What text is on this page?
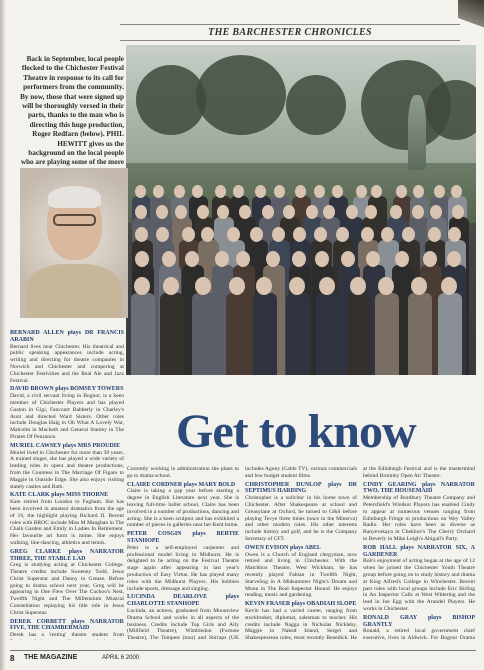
THE BARCHESTER CHRONICLES
Back in September, local people flocked to the Chichester Festival Theatre in response to its call for performers from the community. By now, those that were signed up will be thoroughly versed in their parts, thanks to the man who is directing this huge production, Roger Redfarn (below). PHIL HEWITT gives us the background on the local people who are playing some of the more
Get to know

BERNARD ALLEN plays DR FRANCIS ARABIN
Bernard lives near Chichester. His theatrical and public speaking appearances include acting, writing and directing for theatre companies in Norwich and Chichester and compering at Chichester Festivities and the Real Ale and Jazz Festival.

DAVID BROWN plays BOMSEY TOWERS
David, a civil servant living in Bognor, is a keen member of Chichester Players and has played Gaston in Gigi, Fancourt Babberly in Charley's Aunt and directed Ward Sisters. Other roles include Douglas Haig in Oh What A Lovely War, Malcolm in Macbeth and General Stanley in The Pirates Of Penzance.

MURIEL CAWSEY plays MRS PROUDIE
Muriel lived in Chichester for more than 30 years. A trained singer, she has played a wide variety of leading roles in opera and theatre productions, from the Countess in The Marriage Of Figaro to Maggie in Outside Edge. She also enjoys visiting stately castles and Bath.

KATE CLARK plays MISS THORNE
Kate retired from London to Fugham. She has been involved in amateur dramatics from the age of 16, the highlight playing Richard II. Recent roles with BROC include Miss M Maughan in The Chalk Garden and Emily in Ladies In Retirement. Her favourite art form is mime. She enjoys walking, line-dancing, athletics and tennis.

GREG CLARKE plays NARRATOR THREE, THE STABLE LAD
Greg is studying acting at Chichester College. Theatre credits include Sweeney Todd, Jesus Christ Superstar and Danny in Grease. Before going to drama school next year, Greg will be appearing in One Flew Over The Cuckoo's Nest, Twelfth Night and The Millennium Musical Constellation replaying his title role in Jesus Christ Superstar.

DEREK CORBETT plays NARRATOR FIVE, THE CHAMBERMAID
Derek has a 'resting' theatre student from

Currently working in administration she plans to go to drama school.

CLAIRE CORDNER plays MARY BOLD
Claire is taking a gap year before starting a degree in English Literature next year. She is leaving full-time ballet school, Claire has been involved in a number of productions, dancing and acting. She is a keen sculptor and has exhibited a number of pieces in galleries near her Kent home.

PETER COSGIN plays BERTIE STANHOPE
Peter is a self-employed carpenter and professional model living in Midhurst. He is delighted to be acting on the Festival Theatre stage again after appearing in last year's production of Easy Virtue. He has played many roles with the Midhurst Players. His hobbies include sports, dressage and singing.

LUCINDA DEARLOVE plays CHARLOTTE STANHOPE
Lucinda, an actress, graduated from Mountview Drama School and works in all aspects of the business. Credits include Top Girls and Ally (Millfield Theatre), Wimbledon (Fortune Theatre), The Tempest (tour) and Stirrups (UK

includes Agony (Cable TV), various commercials and low budget student films.

CHRISTOPHER DUNLOP plays DR SEPTIMUS HARDING
Christopher is a solicitor in his home town of Chichester. After Shakespeare at school and Greasylane at Oxford, he turned to G&S before playing Tevye three times (once in the Minerva) and other modern roles. His other interests include history and golf, and he is the Company Secretary of CFT.

OWEN EVISON plays ABEL
Owen is a Church of England clergyman, now retired and living in Chichester. With the Matchbox Theatre, West Wickham, he has recently played Fabian in Twelfth Night, Starveling in A Midsummer Night's Dream and Moon in The Real Inspector Hound. He enjoys reading, music and gardening.

KEVIN FRASER plays OBADIAH SLOPE
Kevin has had a varied career, ranging from stockbroker, diplomat, salesman to teacher. His credits include Nagga in Nicholas Nickleby, Maggie in Naked Island, Sergei and Shakespearean roles, most recently Benedick. He

at the Edinburgh Festival and is the mastermind behind Bromley Open Air Theatre.

CINDY GEARING plays NARRATOR TWO, THE HOUSEMAID
Membership of Bordbury Theatre Company and Petersfield's Windsor Players has enabled Cindy to appear at numerous venues ranging from Edinburgh Fringe to productions on Wey Valley Radio. Her roles have been as diverse as Ranyevskaya in Chekhov's The Cherry Orchard to Beverly in Mike Leigh's Abigail's Party.

ROB HALL plays NARRATOR SIX, A GARDENER
Rob's enjoyment of acting began at the age of 12 when he joined the Chichester Youth Theatre group before going on to study history and drama at King Alfred's College in Winchester. Recent past roles with local groups include Eric Birling in An Inspector Calls at West Wittering and the lead in Joe Egg with the Arundel Players. He works in Chichester.

RONALD GRAY plays BISHOP GRANTLY
Ronald, a retired local government chief executive, lives in Aldwick. For Bognor Drama

8 THE MAGAZINE	APRIL 6 2000
